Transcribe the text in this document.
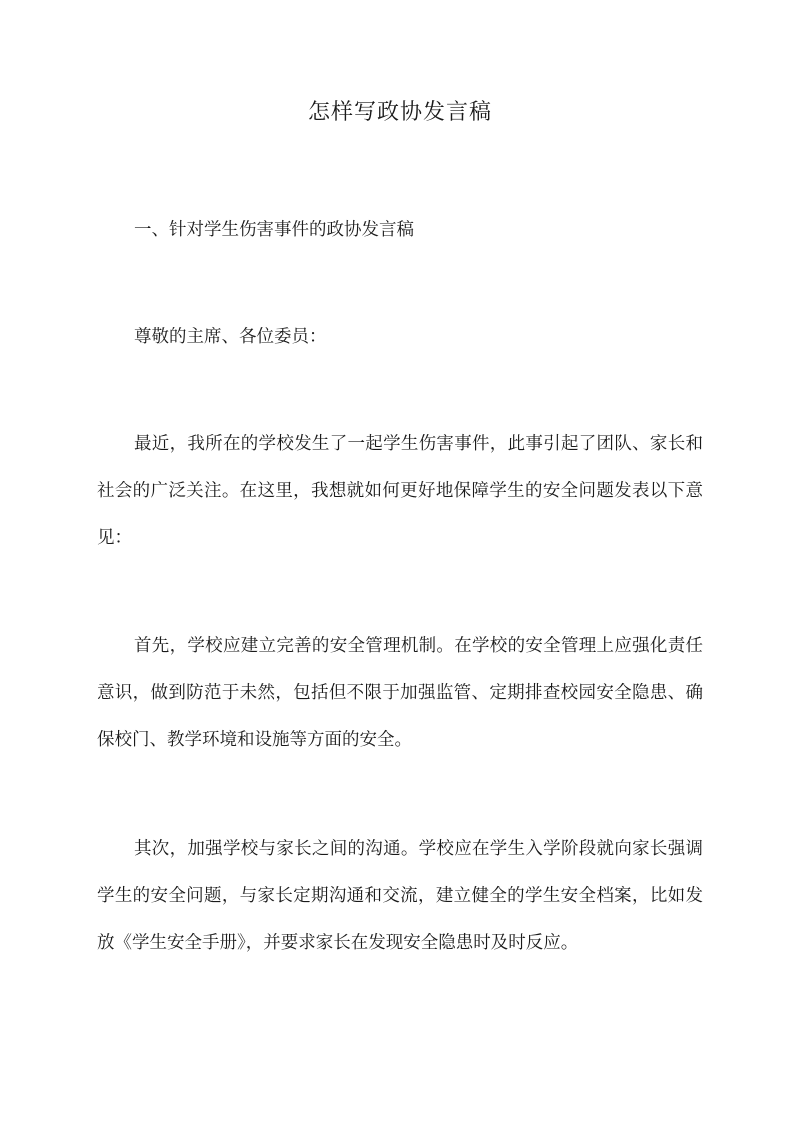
怎样写政协发言稿

一、针对学生伤害事件的政协发言稿

尊敬的主席、各位委员：

最近，我所在的学校发生了一起学生伤害事件，此事引起了团队、家长和社会的广泛关注。在这里，我想就如何更好地保障学生的安全问题发表以下意见：

首先，学校应建立完善的安全管理机制。在学校的安全管理上应强化责任意识，做到防范于未然，包括但不限于加强监管、定期排查校园安全隐患、确保校门、教学环境和设施等方面的安全。

其次，加强学校与家长之间的沟通。学校应在学生入学阶段就向家长强调学生的安全问题，与家长定期沟通和交流，建立健全的学生安全档案，比如发放《学生安全手册》，并要求家长在发现安全隐患时及时反应。
